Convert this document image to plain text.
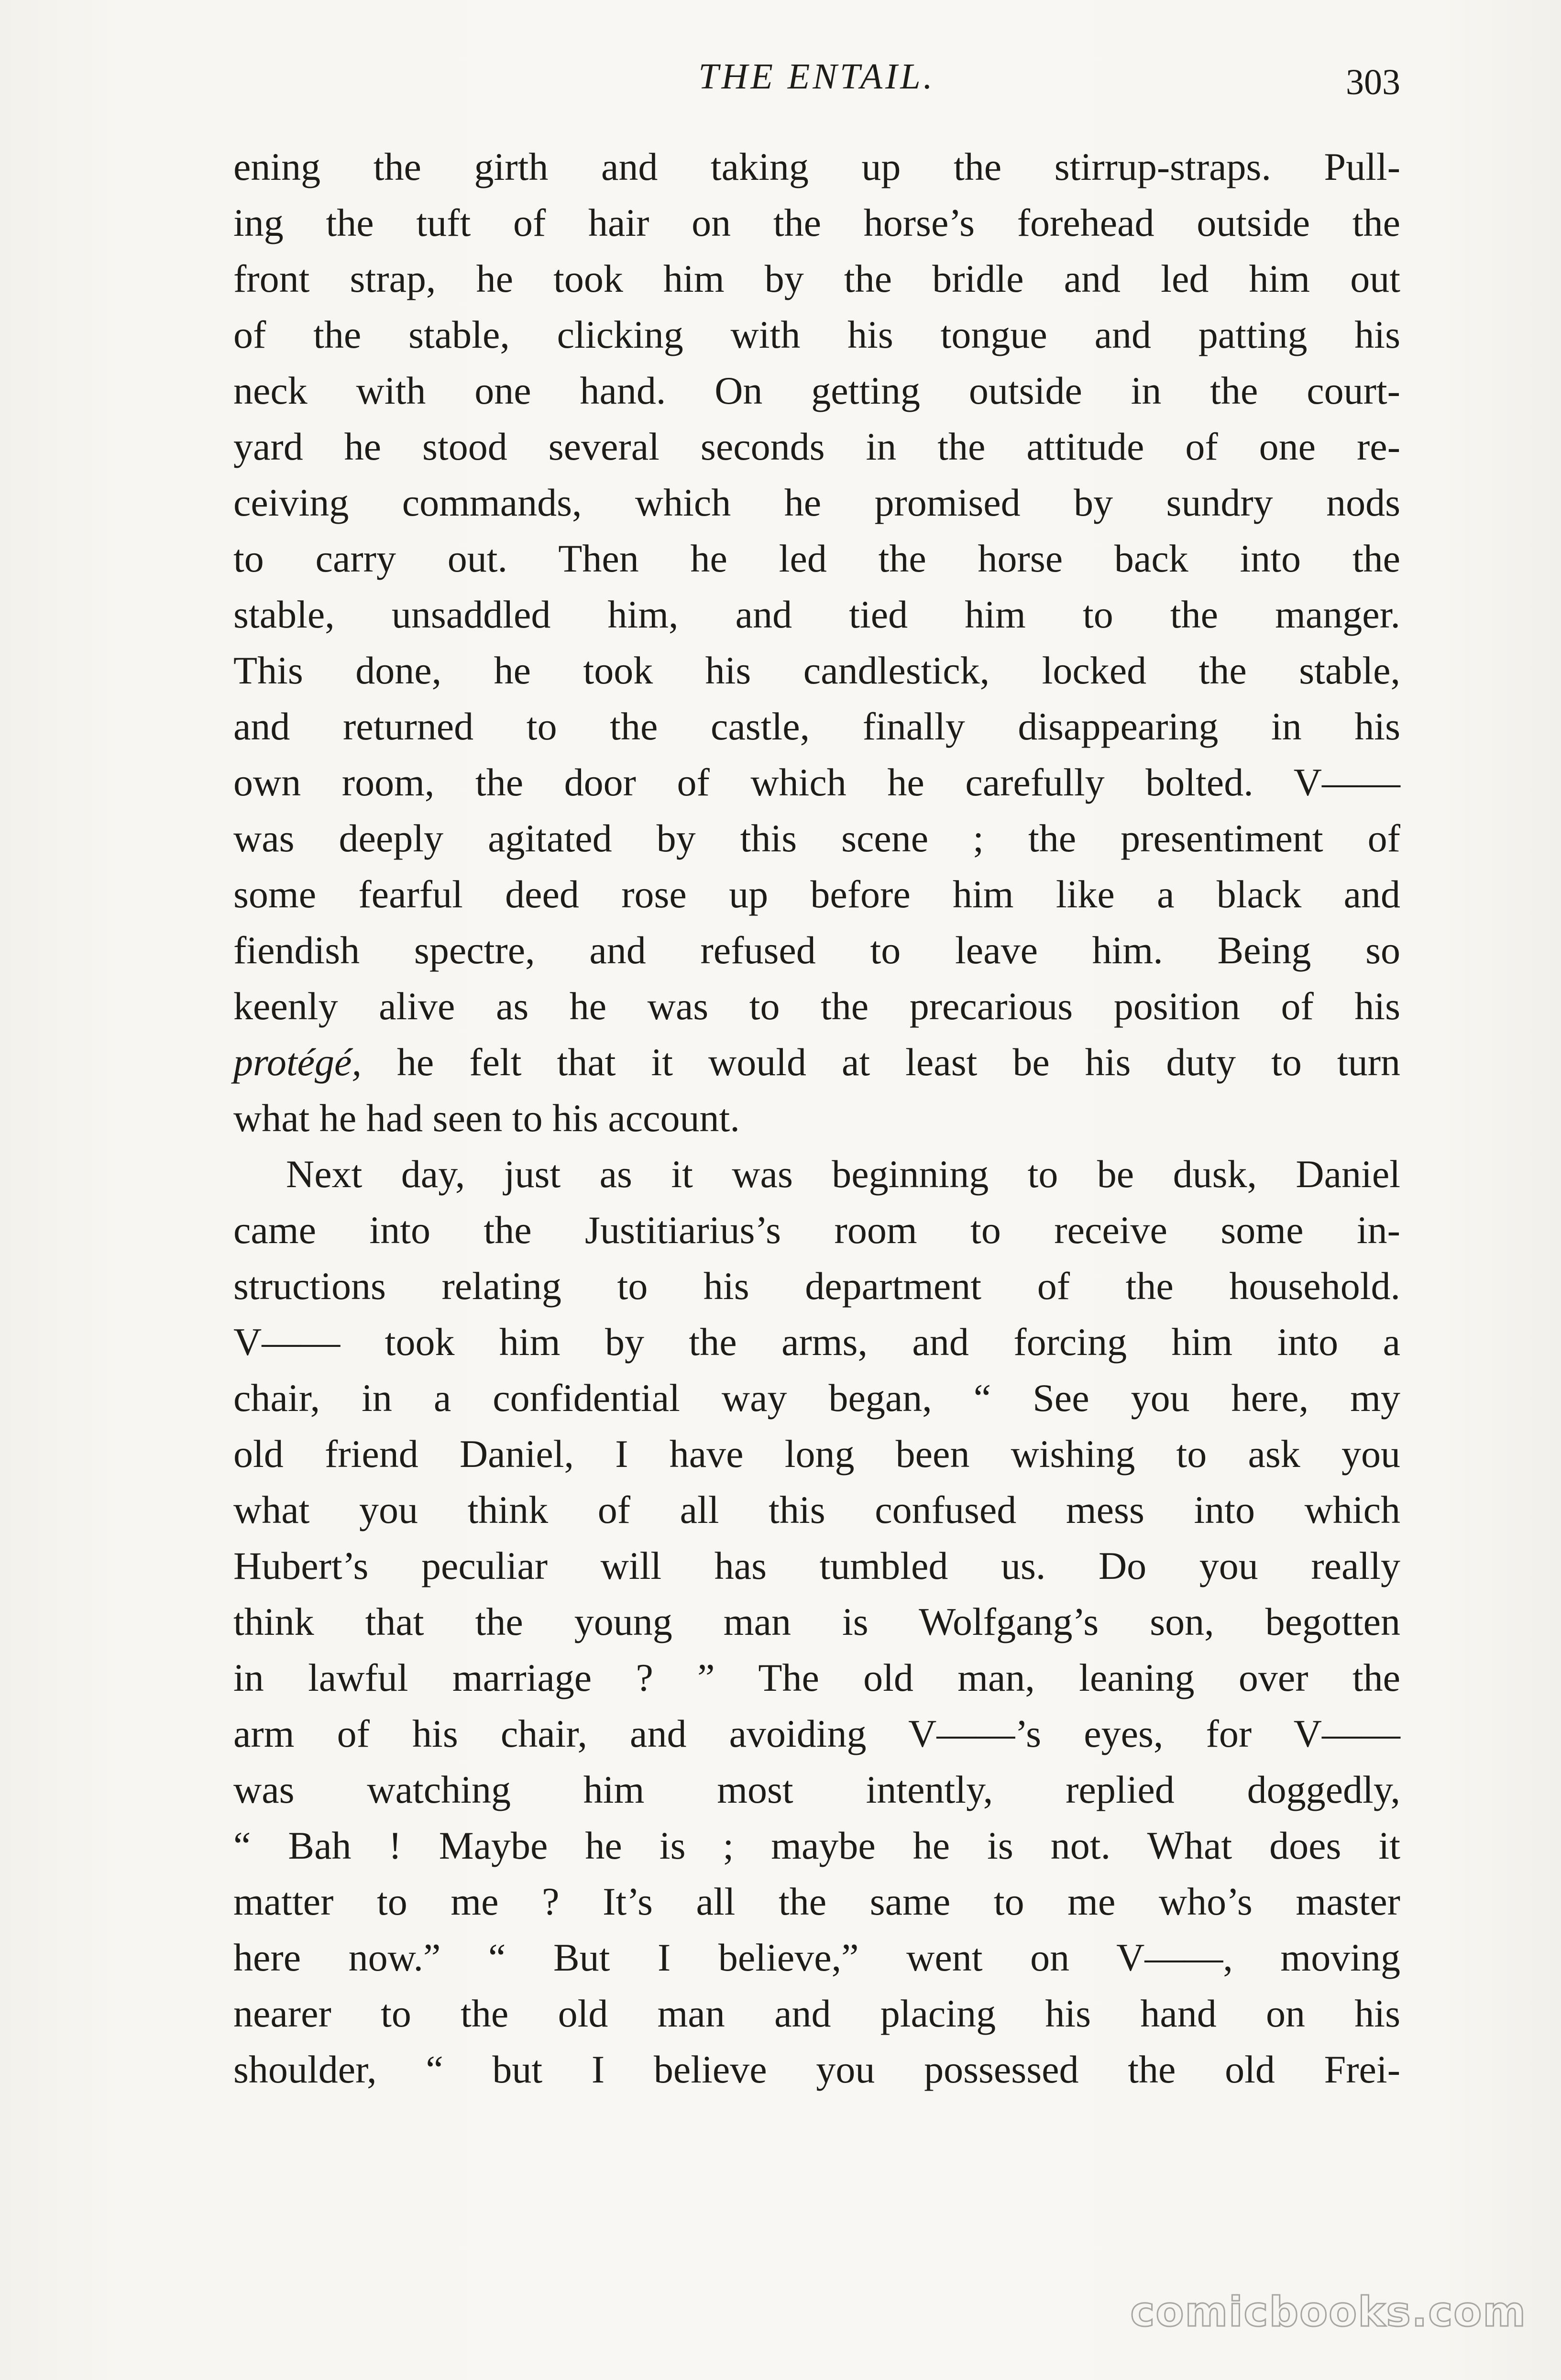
THE ENTAIL.	303
ening the girth and taking up the stirrup-straps. Pull-
ing the tuft of hair on the horse’s forehead outside the
front strap, he took him by the bridle and led him out
of the stable, clicking with his tongue and patting his
neck with one hand. On getting outside in the court-
yard he stood several seconds in the attitude of one re-
ceiving commands, which he promised by sundry nods
to carry out. Then he led the horse back into the
stable, unsaddled him, and tied him to the manger.
This done, he took his candlestick, locked the stable,
and returned to the castle, finally disappearing in his
own room, the door of which he carefully bolted. V——
was deeply agitated by this scene ; the presentiment of
some fearful deed rose up before him like a black and
fiendish spectre, and refused to leave him. Being so
keenly alive as he was to the precarious position of his
protégé, he felt that it would at least be his duty to turn
what he had seen to his account.
Next day, just as it was beginning to be dusk, Daniel
came into the Justitiarius’s room to receive some in-
structions relating to his department of the household.
V—— took him by the arms, and forcing him into a
chair, in a confidential way began, “ See you here, my
old friend Daniel, I have long been wishing to ask you
what you think of all this confused mess into which
Hubert’s peculiar will has tumbled us. Do you really
think that the young man is Wolfgang’s son, begotten
in lawful marriage ? ” The old man, leaning over the
arm of his chair, and avoiding V——’s eyes, for V——
was watching him most intently, replied doggedly,
“ Bah ! Maybe he is ; maybe he is not. What does it
matter to me ? It’s all the same to me who’s master
here now.” “ But I believe,” went on V——, moving
nearer to the old man and placing his hand on his
shoulder, “ but I believe you possessed the old Frei-
comicbooks.com
